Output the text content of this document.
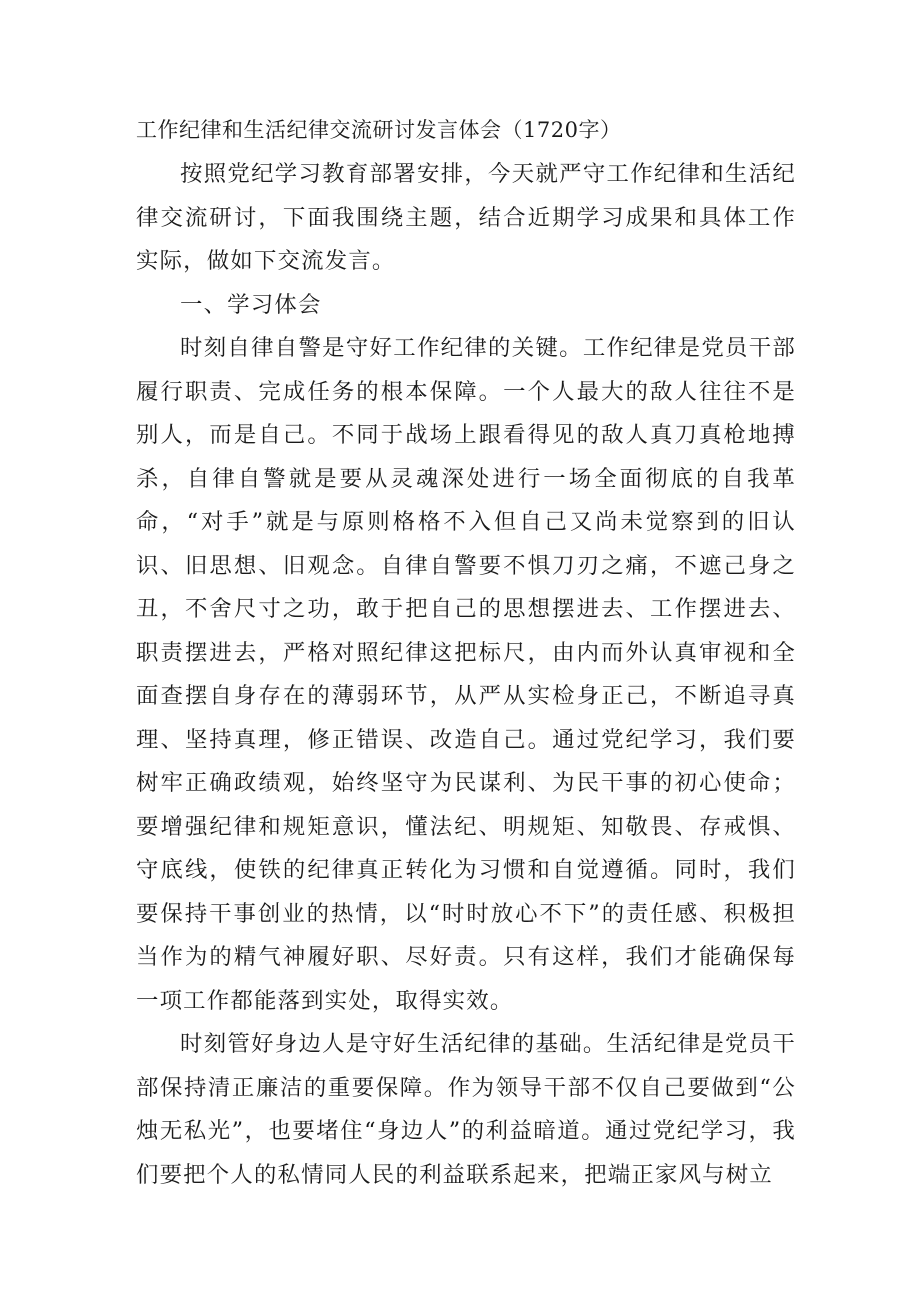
工作纪律和生活纪律交流研讨发言体会（1720字）

按照党纪学习教育部署安排，今天就严守工作纪律和生活纪律交流研讨，下面我围绕主题，结合近期学习成果和具体工作实际，做如下交流发言。

一、学习体会

时刻自律自警是守好工作纪律的关键。工作纪律是党员干部履行职责、完成任务的根本保障。一个人最大的敌人往往不是别人，而是自己。不同于战场上跟看得见的敌人真刀真枪地搏杀，自律自警就是要从灵魂深处进行一场全面彻底的自我革命，“对手”就是与原则格格不入但自己又尚未觉察到的旧认识、旧思想、旧观念。自律自警要不惧刀刃之痛，不遮己身之丑，不舍尺寸之功，敢于把自己的思想摆进去、工作摆进去、职责摆进去，严格对照纪律这把标尺，由内而外认真审视和全面查摆自身存在的薄弱环节，从严从实检身正己，不断追寻真理、坚持真理，修正错误、改造自己。通过党纪学习，我们要树牢正确政绩观，始终坚守为民谋利、为民干事的初心使命；要增强纪律和规矩意识，懂法纪、明规矩、知敬畏、存戒惧、守底线，使铁的纪律真正转化为习惯和自觉遵循。同时，我们要保持干事创业的热情，以“时时放心不下”的责任感、积极担当作为的精气神履好职、尽好责。只有这样，我们才能确保每一项工作都能落到实处，取得实效。

时刻管好身边人是守好生活纪律的基础。生活纪律是党员干部保持清正廉洁的重要保障。作为领导干部不仅自己要做到“公烛无私光”，也要堵住“身边人”的利益暗道。通过党纪学习，我们要把个人的私情同人民的利益联系起来，把端正家风与树立
